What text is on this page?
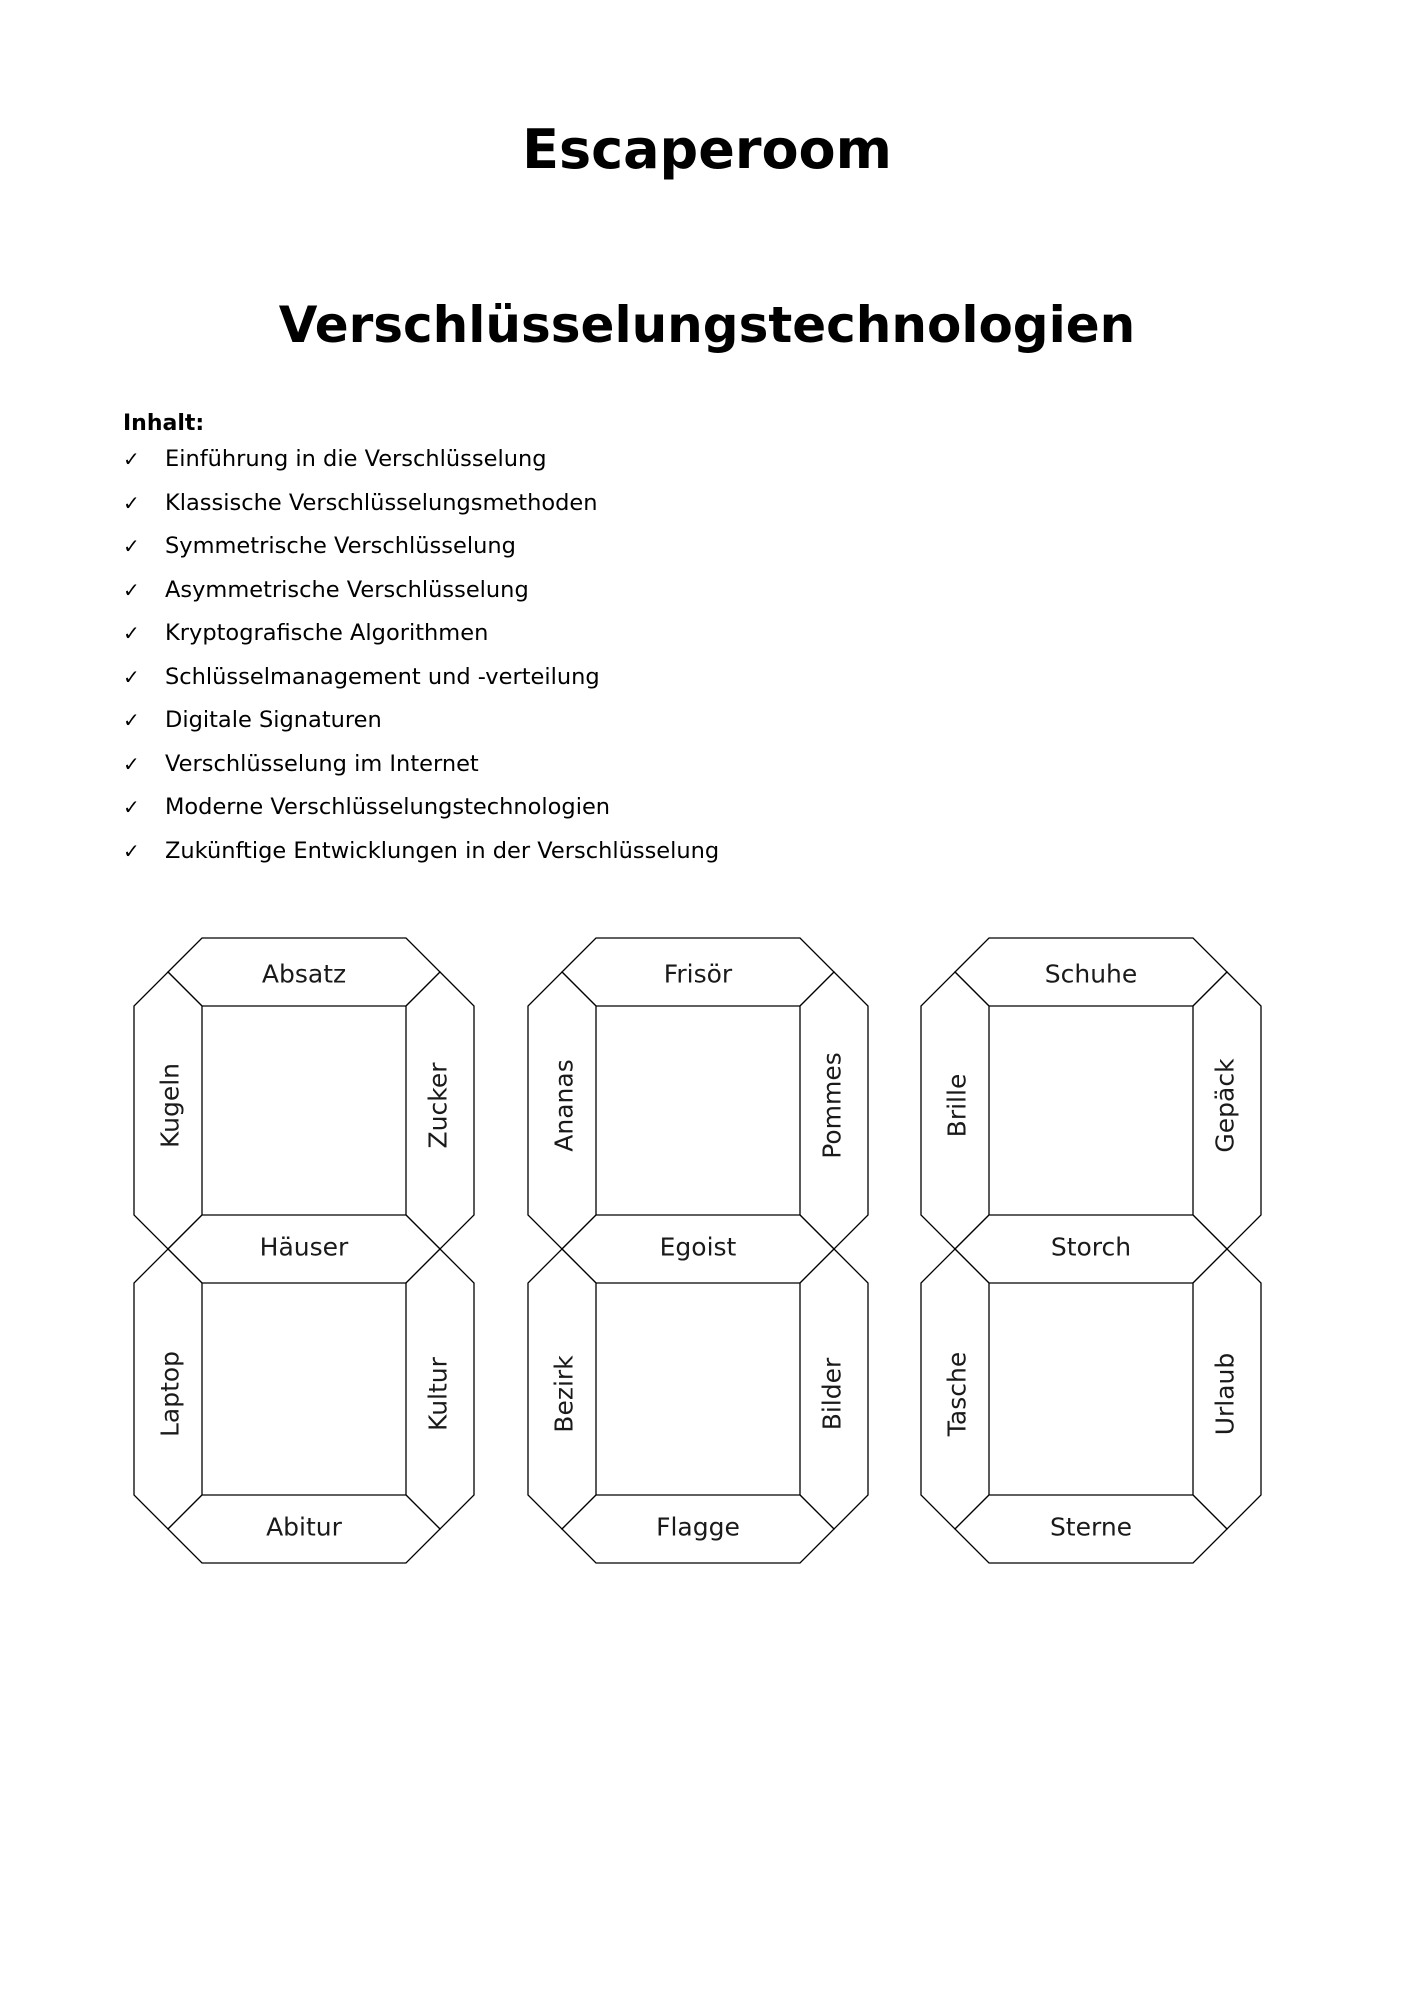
Escaperoom
Verschlüsselungstechnologien
Inhalt:
✓	Einführung in die Verschlüsselung
✓	Klassische Verschlüsselungsmethoden
✓	Symmetrische Verschlüsselung
✓	Asymmetrische Verschlüsselung
✓	Kryptografische Algorithmen
✓	Schlüsselmanagement und -verteilung
✓	Digitale Signaturen
✓	Verschlüsselung im Internet
✓	Moderne Verschlüsselungstechnologien
✓	Zukünftige Entwicklungen in der Verschlüsselung
Absatz
Kugeln	Zucker
Häuser
Laptop	Kultur
Abitur
Frisör
Ananas	Pommes
Egoist
Bezirk	Bilder
Flagge
Schuhe
Brille	Gepäck
Storch
Tasche	Urlaub
Sterne
